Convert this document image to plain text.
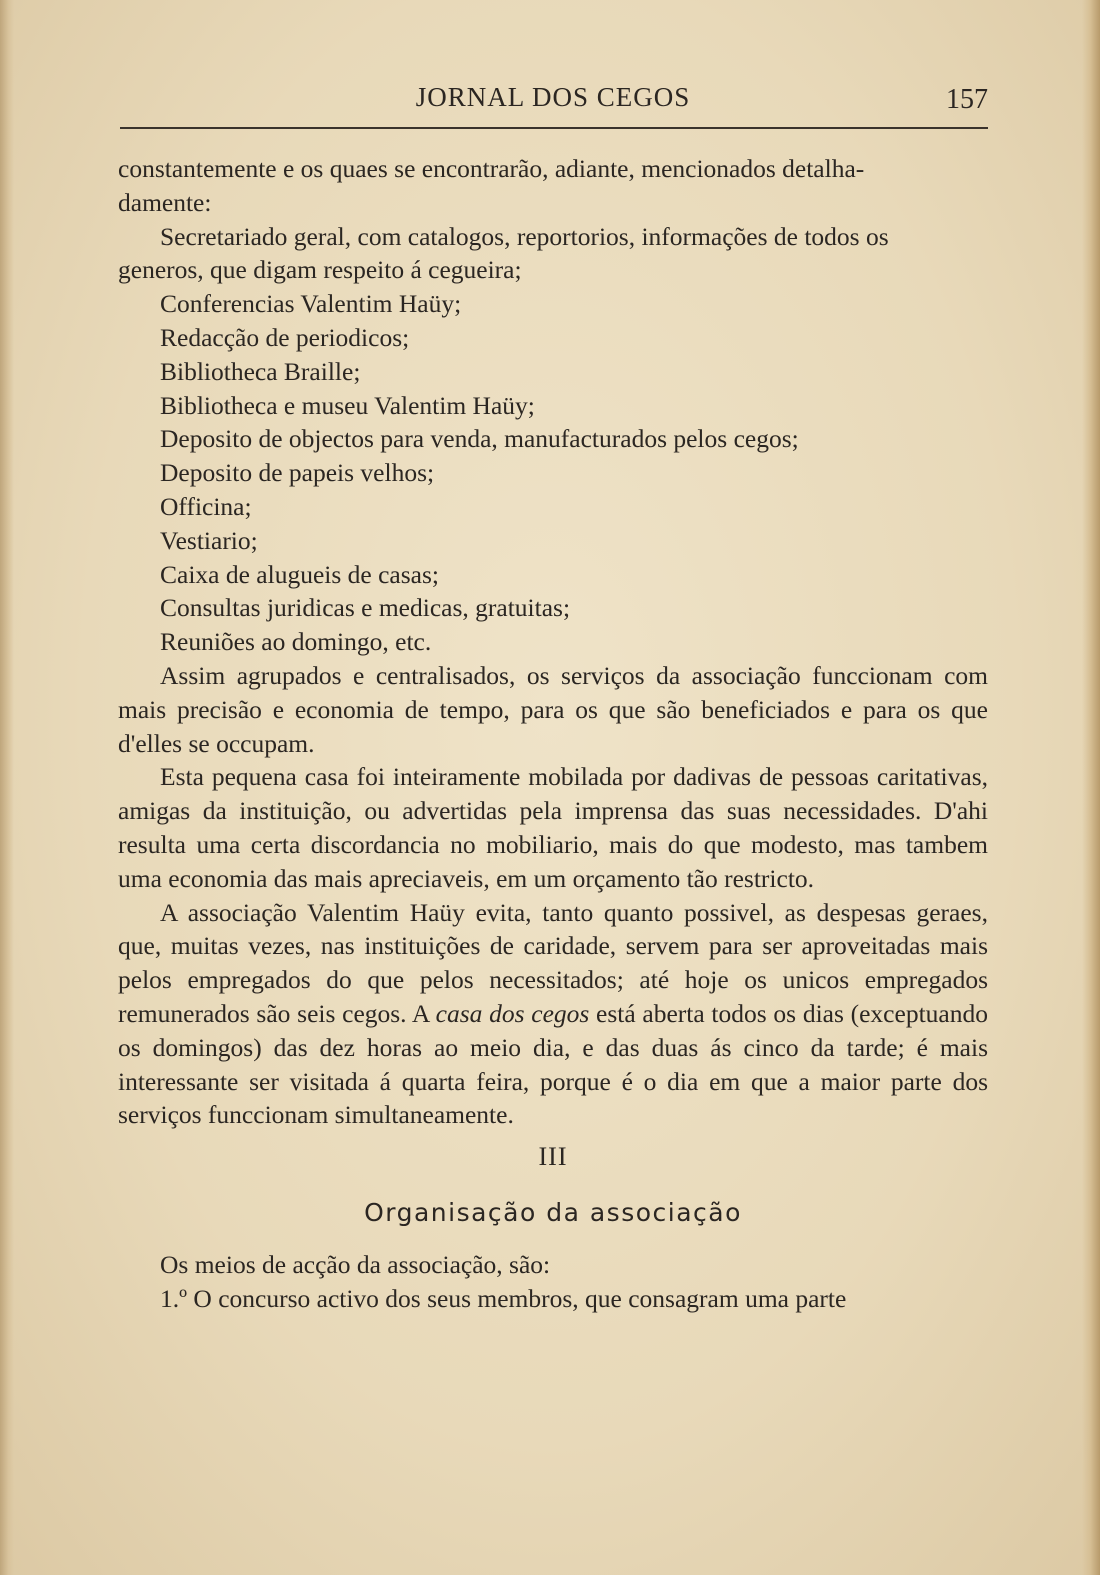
JORNAL DOS CEGOS	157

constantemente e os quaes se encontrarão, adiante, mencionados detalha-
damente:

Secretariado geral, com catalogos, reportorios, informações de todos os
generos, que digam respeito á cegueira;

Conferencias Valentim Haüy;
Redacção de periodicos;
Bibliotheca Braille;
Bibliotheca e museu Valentim Haüy;
Deposito de objectos para venda, manufacturados pelos cegos;
Deposito de papeis velhos;
Officina;
Vestiario;
Caixa de alugueis de casas;
Consultas juridicas e medicas, gratuitas;
Reuniões ao domingo, etc.

Assim agrupados e centralisados, os serviços da associação funccionam com mais precisão e economia de tempo, para os que são beneficiados e para os que d'elles se occupam.

Esta pequena casa foi inteiramente mobilada por dadivas de pessoas caritativas, amigas da instituição, ou advertidas pela imprensa das suas necessidades. D'ahi resulta uma certa discordancia no mobiliario, mais do que modesto, mas tambem uma economia das mais apreciaveis, em um orçamento tão restricto.

A associação Valentim Haüy evita, tanto quanto possivel, as despesas geraes, que, muitas vezes, nas instituições de caridade, servem para ser aproveitadas mais pelos empregados do que pelos necessitados; até hoje os unicos empregados remunerados são seis cegos. A casa dos cegos está aberta todos os dias (exceptuando os domingos) das dez horas ao meio dia, e das duas ás cinco da tarde; é mais interessante ser visitada á quarta feira, porque é o dia em que a maior parte dos serviços funccionam simultaneamente.

III
Organisação da associação

Os meios de acção da associação, são:

1.º O concurso activo dos seus membros, que consagram uma parte
